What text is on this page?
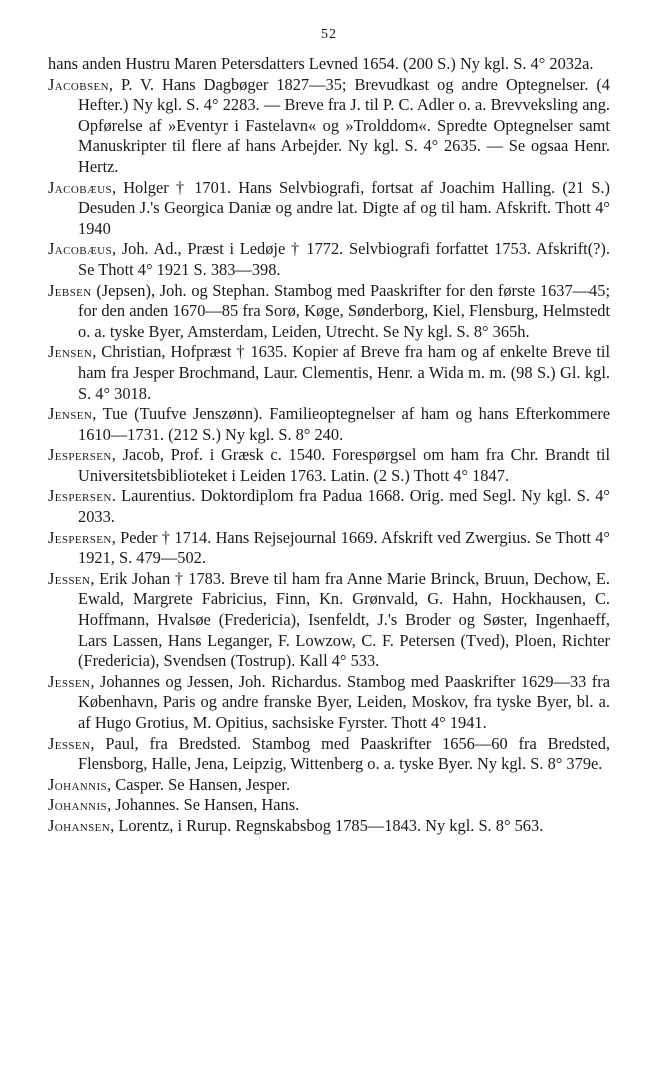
52

hans anden Hustru Maren Petersdatters Levned 1654. (200 S.) Ny kgl. S. 4° 2032a.

Jacobsen, P. V. Hans Dagbøger 1827—35; Brevudkast og andre Optegnelser. (4 Hefter.) Ny kgl. S. 4° 2283. — Breve fra J. til P. C. Adler o. a. Brevveksling ang. Opførelse af »Eventyr i Fastelavn« og »Trolddom«. Spredte Optegnelser samt Manuskripter til flere af hans Arbejder. Ny kgl. S. 4° 2635. — Se ogsaa Henr. Hertz.

Jacobæus, Holger † 1701. Hans Selvbiografi, fortsat af Joachim Halling. (21 S.) Desuden J.'s Georgica Daniæ og andre lat. Digte af og til ham. Afskrift. Thott 4° 1940

Jacobæus, Joh. Ad., Præst i Ledøje † 1772. Selvbiografi forfattet 1753. Afskrift(?). Se Thott 4° 1921 S. 383—398.

Jebsen (Jepsen), Joh. og Stephan. Stambog med Paaskrifter for den første 1637—45; for den anden 1670—85 fra Sorø, Køge, Sønderborg, Kiel, Flensburg, Helmstedt o. a. tyske Byer, Amsterdam, Leiden, Utrecht. Se Ny kgl. S. 8° 365h.

Jensen, Christian, Hofpræst † 1635. Kopier af Breve fra ham og af enkelte Breve til ham fra Jesper Brochmand, Laur. Clementis, Henr. a Wida m. m. (98 S.) Gl. kgl. S. 4° 3018.

Jensen, Tue (Tuufve Jenszønn). Familieoptegnelser af ham og hans Efterkommere 1610—1731. (212 S.) Ny kgl. S. 8° 240.

Jespersen, Jacob, Prof. i Græsk c. 1540. Forespørgsel om ham fra Chr. Brandt til Universitetsbiblioteket i Leiden 1763. Latin. (2 S.) Thott 4° 1847.

Jespersen. Laurentius. Doktordiplom fra Padua 1668. Orig. med Segl. Ny kgl. S. 4° 2033.

Jespersen, Peder † 1714. Hans Rejsejournal 1669. Afskrift ved Zwergius. Se Thott 4° 1921, S. 479—502.

Jessen, Erik Johan † 1783. Breve til ham fra Anne Marie Brinck, Bruun, Dechow, E. Ewald, Margrete Fabricius, Finn, Kn. Grønvald, G. Hahn, Hockhausen, C. Hoffmann, Hvalsøe (Fredericia), Isenfeldt, J.'s Broder og Søster, Ingenhaeff, Lars Lassen, Hans Leganger, F. Lowzow, C. F. Petersen (Tved), Ploen, Richter (Fredericia), Svendsen (Tostrup). Kall 4° 533.

Jessen, Johannes og Jessen, Joh. Richardus. Stambog med Paaskrifter 1629—33 fra København, Paris og andre franske Byer, Leiden, Moskov, fra tyske Byer, bl. a. af Hugo Grotius, M. Opitius, sachsiske Fyrster. Thott 4° 1941.

Jessen, Paul, fra Bredsted. Stambog med Paaskrifter 1656—60 fra Bredsted, Flensborg, Halle, Jena, Leipzig, Wittenberg o. a. tyske Byer. Ny kgl. S. 8° 379e.

Johannis, Casper. Se Hansen, Jesper.

Johannis, Johannes. Se Hansen, Hans.

Johansen, Lorentz, i Rurup. Regnskabsbog 1785—1843. Ny kgl. S. 8° 563.
